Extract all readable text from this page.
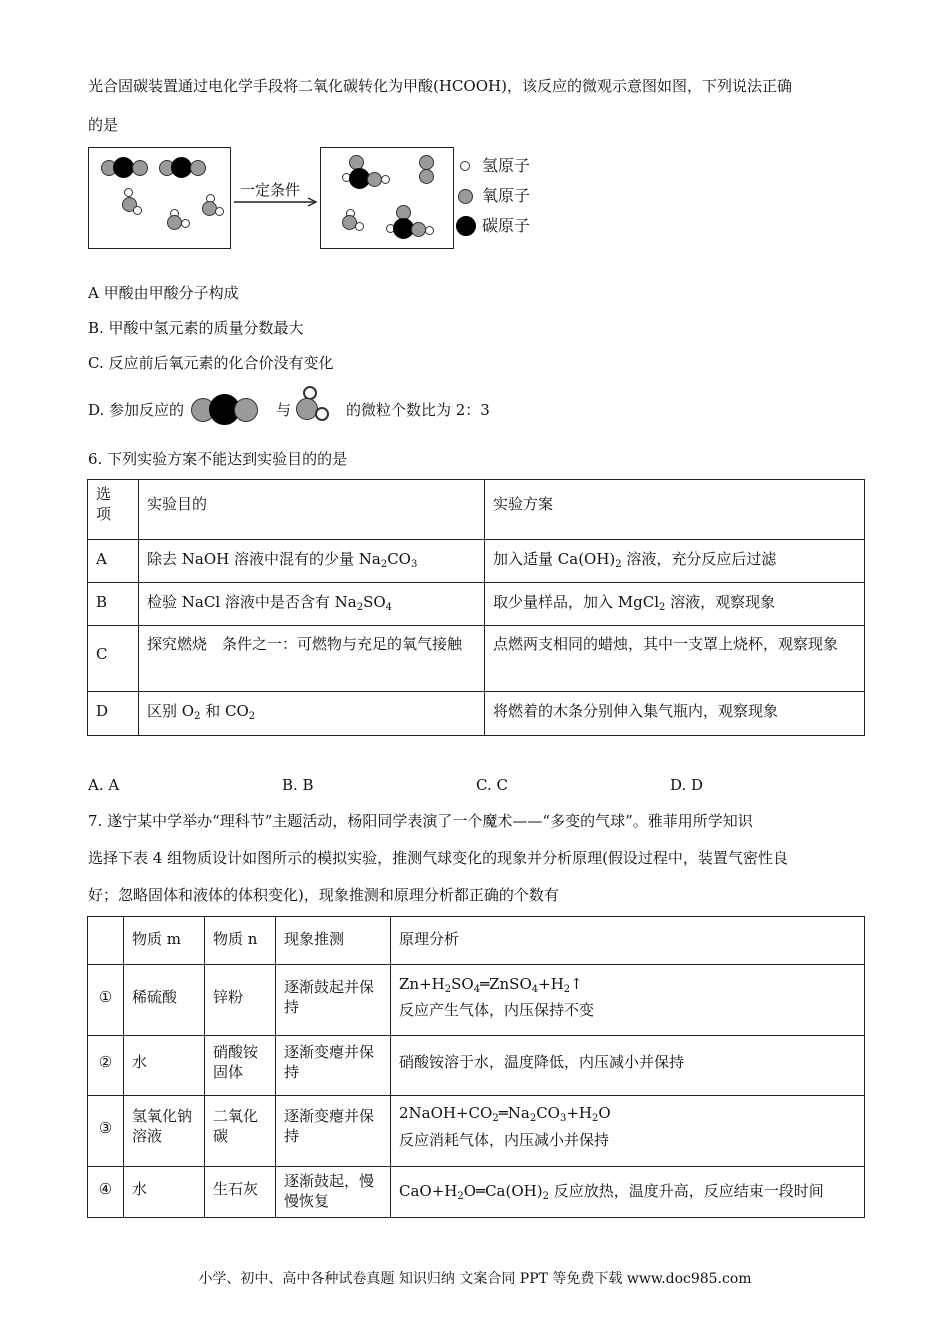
光合固碳装置通过电化学手段将二氧化碳转化为甲酸(HCOOH)，该反应的微观示意图如图，下列说法正确
的是
一定条件
氢原子
氧原子
碳原子
A 甲酸由甲酸分子构成
B. 甲酸中氢元素的质量分数最大
C. 反应前后氧元素的化合价没有变化
D. 参加反应的	与	的微粒个数比为 2：3
6. 下列实验方案不能达到实验目的的是
选项	实验目的	实验方案
A	除去 NaOH 溶液中混有的少量 $Na_2CO_3$	加入适量 $Ca(OH)_2$ 溶液，充分反应后过滤
B	检验 NaCl 溶液中是否含有 $Na_2SO_4$	取少量样品，加入 MgCl$_2$ 溶液，观察现象
C	探究燃烧　条件之一：可燃物与充足的氧气接触	点燃两支相同的蜡烛，其中一支罩上烧杯，观察现象
D	区别 $O_2$ 和 $CO_2$	将燃着的木条分别伸入集气瓶内，观察现象
A. A	B. B	C. C	D. D
7. 遂宁某中学举办“理科节”主题活动，杨阳同学表演了一个魔术——“多变的气球”。雅菲用所学知识
选择下表 4 组物质设计如图所示的模拟实验，推测气球变化的现象并分析原理(假设过程中，装置气密性良
好；忽略固体和液体的体积变化)，现象推测和原理分析都正确的个数有
	物质 m	物质 n	现象推测	原理分析
①	稀硫酸	锌粉	逐渐鼓起并保持	$Zn+H_2SO_4═ZnSO_4+H_2↑$
反应产生气体，内压保持不变

②	水	硝酸铵固体	逐渐变瘪并保持	硝酸铵溶于水，温度降低，内压减小并保持
③	氢氧化钠溶液	二氧化碳	逐渐变瘪并保持	$2NaOH+CO_2═Na_2CO_3+H_2O$
反应消耗气体，内压减小并保持

④	水	生石灰	逐渐鼓起，慢慢恢复	$CaO+H_2O═Ca(OH)_2$ 反应放热，温度升高，反应结束一段时间
小学、初中、高中各种试卷真题 知识归纳 文案合同 PPT 等免费下载 www.doc985.com
